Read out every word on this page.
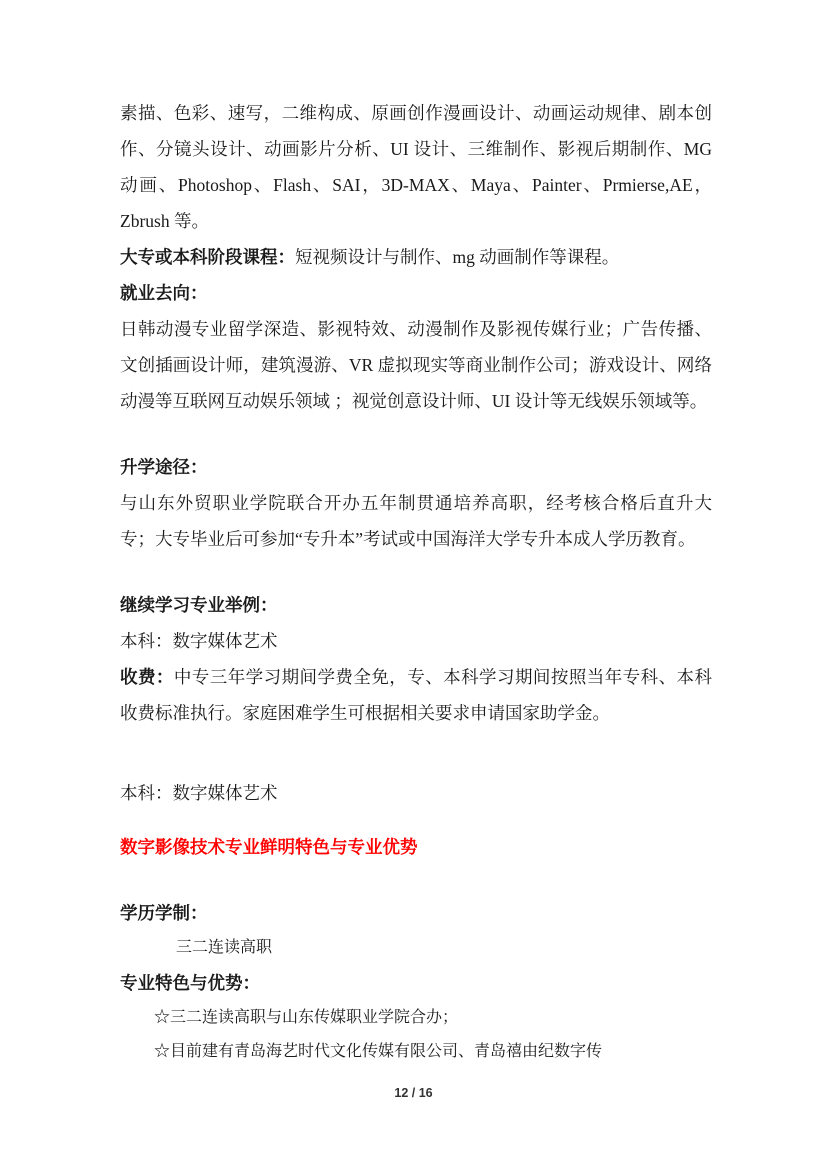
素描、色彩、速写，二维构成、原画创作漫画设计、动画运动规律、剧本创作、分镜头设计、动画影片分析、UI 设计、三维制作、影视后期制作、MG 动画、Photoshop、Flash、SAI，3D-MAX、Maya、Painter、Prmierse,AE，Zbrush 等。

大专或本科阶段课程：短视频设计与制作、mg 动画制作等课程。

就业去向：

日韩动漫专业留学深造、影视特效、动漫制作及影视传媒行业；广告传播、文创插画设计师，建筑漫游、VR 虚拟现实等商业制作公司；游戏设计、网络动漫等互联网互动娱乐领域 ；视觉创意设计师、UI 设计等无线娱乐领域等。

升学途径：

与山东外贸职业学院联合开办五年制贯通培养高职，经考核合格后直升大专；大专毕业后可参加“专升本”考试或中国海洋大学专升本成人学历教育。

继续学习专业举例：

本科：数字媒体艺术

收费：中专三年学习期间学费全免，专、本科学习期间按照当年专科、本科收费标准执行。家庭困难学生可根据相关要求申请国家助学金。

本科：数字媒体艺术

数字影像技术专业鲜明特色与专业优势

学历学制：

三二连读高职

专业特色与优势：

☆三二连读高职与山东传媒职业学院合办；

☆目前建有青岛海艺时代文化传媒有限公司、青岛禧由纪数字传

12 / 16
